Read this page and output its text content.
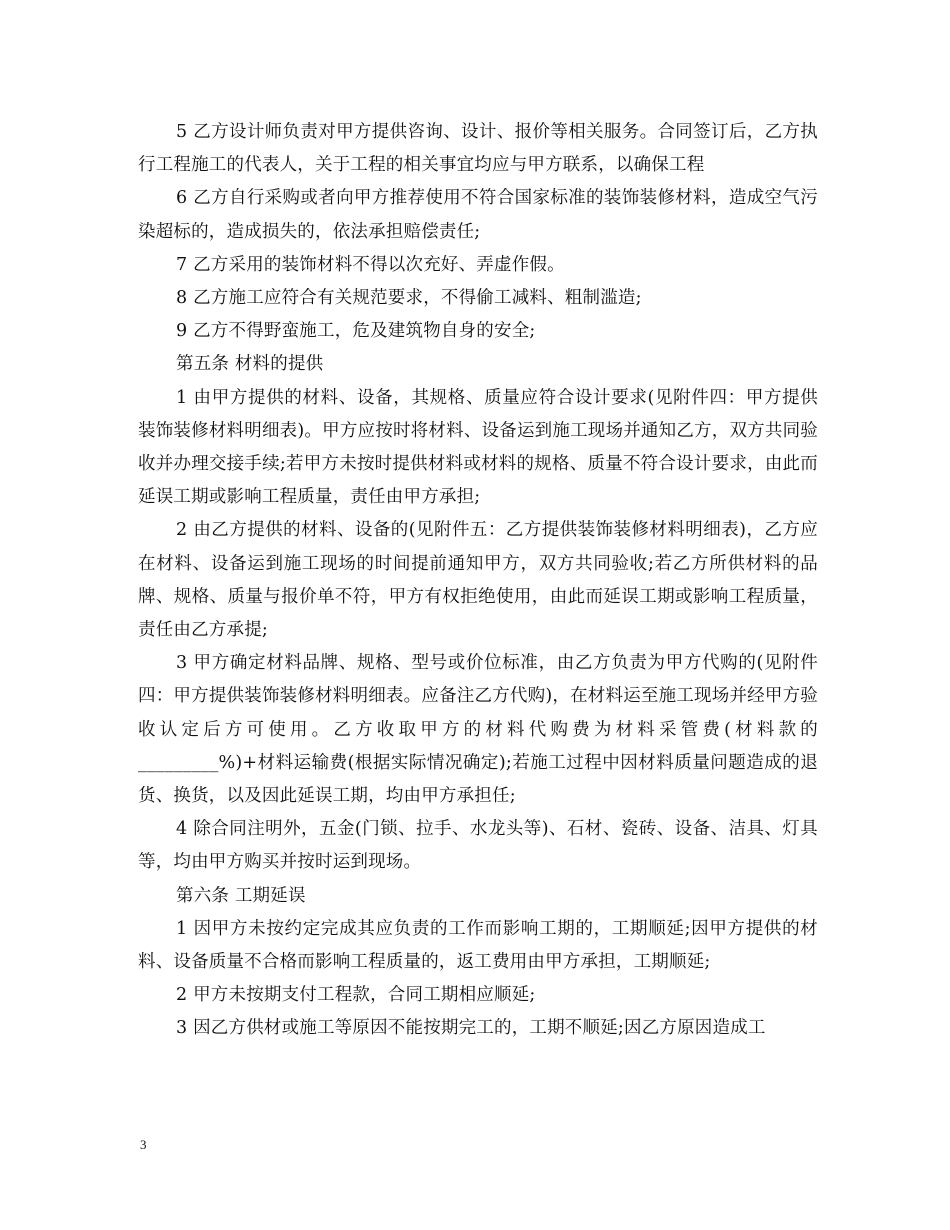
5 乙方设计师负责对甲方提供咨询、设计、报价等相关服务。合同签订后，乙方执行工程施工的代表人，关于工程的相关事宜均应与甲方联系，以确保工程

6 乙方自行采购或者向甲方推荐使用不符合国家标准的装饰装修材料，造成空气污染超标的，造成损失的，依法承担赔偿责任;

7 乙方采用的装饰材料不得以次充好、弄虚作假。

8 乙方施工应符合有关规范要求，不得偷工减料、粗制滥造;

9 乙方不得野蛮施工，危及建筑物自身的安全;

第五条 材料的提供

1 由甲方提供的材料、设备，其规格、质量应符合设计要求(见附件四：甲方提供装饰装修材料明细表)。甲方应按时将材料、设备运到施工现场并通知乙方，双方共同验收并办理交接手续;若甲方未按时提供材料或材料的规格、质量不符合设计要求，由此而延误工期或影响工程质量，责任由甲方承担;

2 由乙方提供的材料、设备的(见附件五：乙方提供装饰装修材料明细表)，乙方应在材料、设备运到施工现场的时间提前通知甲方，双方共同验收;若乙方所供材料的品牌、规格、质量与报价单不符，甲方有权拒绝使用，由此而延误工期或影响工程质量，责任由乙方承提;

3 甲方确定材料品牌、规格、型号或价位标准，由乙方负责为甲方代购的(见附件四：甲方提供装饰装修材料明细表。应备注乙方代购)，在材料运至施工现场并经甲方验收认定后方可使用。乙方收取甲方的材料代购费为材料采管费(材料款的_________%)+材料运输费(根据实际情况确定);若施工过程中因材料质量问题造成的退货、换货，以及因此延误工期，均由甲方承担任;

4 除合同注明外，五金(门锁、拉手、水龙头等)、石材、瓷砖、设备、洁具、灯具等，均由甲方购买并按时运到现场。

第六条 工期延误

1 因甲方未按约定完成其应负责的工作而影响工期的，工期顺延;因甲方提供的材料、设备质量不合格而影响工程质量的，返工费用由甲方承担，工期顺延;

2 甲方未按期支付工程款，合同工期相应顺延;

3 因乙方供材或施工等原因不能按期完工的，工期不顺延;因乙方原因造成工

3
